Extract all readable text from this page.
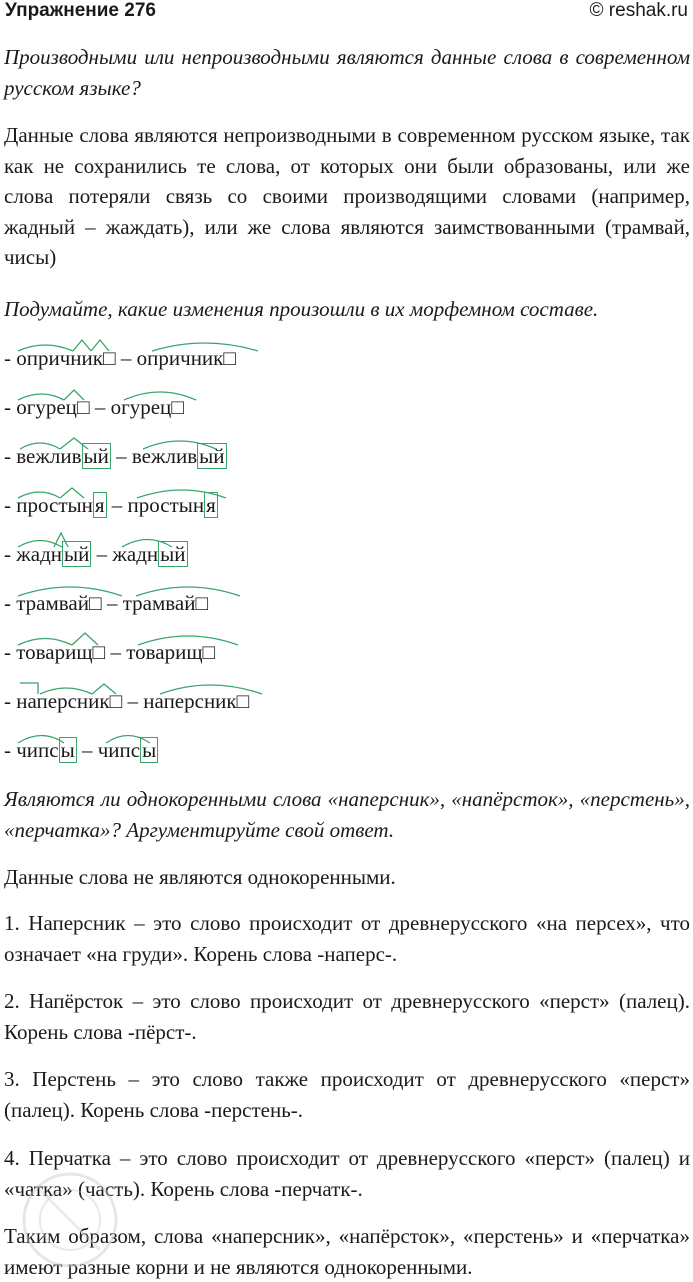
Упражнение 276	© reshak.ru

Производными или непроизводными являются данные слова в современном русском языке?

Данные слова являются непроизводными в современном русском языке, так как не сохранились те слова, от которых они были образованы, или же слова потеряли связь со своими производящими словами (например, жадный – жаждать), или же слова являются заимствованными (трамвай, чисы)

Подумайте, какие изменения произошли в их морфемном составе.

- опричник□ – опричник□
- огурец□ – огурец□
- вежливый – вежливый
- простыня – простыня
- жадный – жадный
- трамвай□ – трамвай□
- товарищ□ – товарищ□
- наперсник□ – наперсник□
- чипсы – чипсы

Являются ли однокоренными слова «наперсник», «напёрсток», «перстень», «перчатка»? Аргументируйте свой ответ.

Данные слова не являются однокоренными.

1. Наперсник – это слово происходит от древнерусского «на персех», что означает «на груди». Корень слова -наперс-.

2. Напёрсток – это слово происходит от древнерусского «перст» (палец). Корень слова -пёрст-.

3. Перстень – это слово также происходит от древнерусского «перст» (палец). Корень слова -перстень-.

4. Перчатка – это слово происходит от древнерусского «перст» (палец) и «чатка» (часть). Корень слова -перчатк-.

Таким образом, слова «наперсник», «напёрсток», «перстень» и «перчатка» имеют разные корни и не являются однокоренными.
